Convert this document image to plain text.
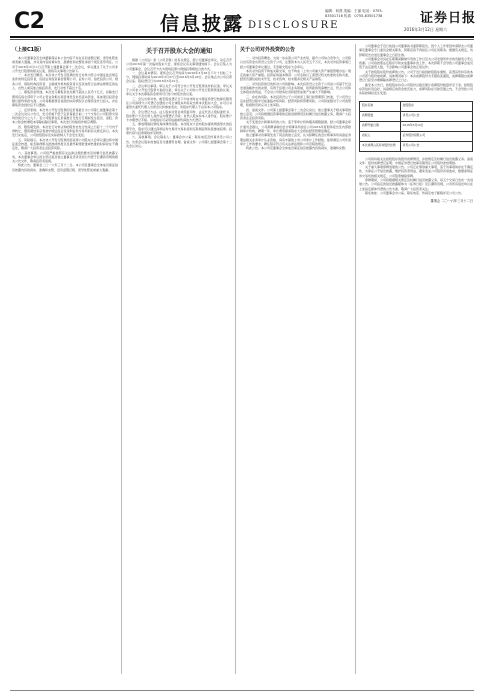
C2	信息披露 DISCLOSURE
编辑：何燕 美编：王丽 电话：0755-83501716 传真：0755-83501738	证券日报
2016年3月12日 星期六

（上接C1版）

本公司董事会及全体董事保证本公告内容不存在任何虚假记载、误导性陈述或者重大遗漏，并对其内容的真实性、准确性和完整性承担个别及连带责任。公司于2016年3月11日召开第七届董事会第十二次会议，审议通过了关于公司非公开发行股票的相关议案，现将有关事项公告如下。

一、本次发行概况。本次非公开发行股票的发行对象为符合中国证监会规定条件的特定投资者，包括证券投资基金管理公司、证券公司、信托投资公司、财务公司、保险机构投资者、合格境外机构投资者以及其他符合法律法规规定的法人、自然人或其他合格投资者，发行对象不超过十名。

二、募集资金用途。本次发行募集资金总额不超过人民币十亿元，扣除发行费用后将全部用于公司主营业务相关项目建设及补充流动资金，具体项目投资金额以最终审批为准。公司将根据项目进度的实际情况以自筹资金先行投入，并在募集资金到位后予以置换。

三、定价原则。本次非公开发行股票的定价基准日为公司第七届董事会第十二次会议决议公告日，发行价格不低于定价基准日前二十个交易日公司股票交易均价的百分之九十。若公司股票在定价基准日至发行日期间发生派息、送股、资本公积金转增股本等除权除息事项，本次发行价格将作相应调整。

四、限售期安排。本次发行对象认购的股份自发行结束之日起十二个月内不得转让，限售期结束后将按中国证监会及深圳证券交易所的有关规定执行。本次发行完成后，公司控股股东及实际控制人不会发生变化。

五、风险提示。本次非公开发行股票尚需获得公司股东大会审议通过和中国证监会核准，能否取得相关批准或核准以及最终取得批准或核准的时间存在不确定性，敬请广大投资者注意投资风险。

六、其他事项。公司将严格按照有关法律法规的要求及时履行信息披露义务，本次董事会审议的全部议案及独立董事意见详见同日刊登于巨潮资讯网的相关公告文件，敬请投资者查阅。

特此公告。董事会二〇一六年三月十二日。本公司及董事会全体成员保证信息披露内容的真实、准确和完整，没有虚假记载、误导性陈述或重大遗漏。

关于召开股东大会的通知

根据《公司法》和《公司章程》的有关规定，经公司董事会审议，决定召开公司2016年第一次临时股东大会，现将会议有关事项通知如下。会议召集人为公司董事会，会议召开方式为现场投票与网络投票相结合的方式。

一、会议基本情况。现场会议召开时间为2016年3月28日下午十四时三十分，网络投票时间为2016年3月27日至2016年3月28日。会议地点为公司总部会议室。股权登记日为2016年3月22日。

二、会议审议事项。审议关于公司符合非公开发行股票条件的议案；审议关于公司非公开发行股票方案的议案；审议关于公司非公开发行股票预案的议案；审议关于本次募集资金使用可行性分析报告的议案。

三、会议出席对象。截至股权登记日下午收市时在中国证券登记结算有限责任公司深圳分公司登记在册的公司全体股东均有权出席本次股东大会，并可以书面形式委托代理人出席会议和参加表决，该股东代理人不必是本公司股东。

四、会议登记方法。法人股东持营业执照复印件、法定代表人授权委托书、股东账户卡及出席人身份证办理登记手续；自然人股东持本人身份证、股东账户卡办理登记手续。异地股东可采用信函或传真的方式登记。

五、参加网络投票的具体操作流程。本次股东大会向股东提供网络形式的投票平台，股东可以通过深圳证券交易所交易系统和互联网投票系统参加投票。投票代码与投票简称详见附件。

六、其他事项。会议联系人：董事会办公室；联系电话及传真详见公司公告。出席会议股东的食宿及交通费用自理。备查文件：公司第七届董事会第十二次会议决议。

关于公司对外投资的公告

一、对外投资概述。为进一步完善公司产业布局，提升公司综合竞争力，公司拟以自有资金出资设立全资子公司，注册资本为人民币五千万元，本次对外投资事项已经公司董事会审议通过，无需提交股东大会审议。

本次对外投资不构成关联交易，也不构成《上市公司重大资产重组管理办法》规定的重大资产重组。投资标的基本情况：公司名称以工商登记机关核准的名称为准，经营范围包括技术开发、技术咨询、技术服务及相关产品销售。

二、对外投资的目的和对公司的影响。本次投资设立全资子公司是公司基于长远发展战略作出的决策，有利于拓展公司业务领域，培育新的利润增长点，符合公司和全体股东的利益，不会对公司财务状况和经营成果产生重大不利影响。

三、存在的风险。本次投资设立子公司尚需工商行政管理部门核准，子公司设立后在经营过程中可能面临市场风险、经营风险和管理风险。公司将加强对子公司的管理，积极防范和应对上述风险。

四、备查文件。公司第七届董事会第十二次会议决议；独立董事关于相关事项的独立意见。公司将根据投资事项的后续进展情况及时履行信息披露义务，敬请广大投资者注意投资风险。

关于变更会计师事务所的公告。鉴于原审计机构服务期限届满，经公司董事会审计委员会提议，公司拟聘请新的会计师事务所担任公司2016年度财务报告及内部控制审计机构，聘期一年，审计费用提请股东大会授权经营管理层确定。

独立董事对该事项发表了同意的独立意见，认为拟聘任的会计师事务所具备证券期货相关业务审计从业资格，具有丰富的上市公司审计工作经验，能够满足公司年度审计工作的要求，聘任程序符合有关法律法规和公司章程的规定。

特此公告。本公司及董事会全体成员保证信息披露内容的真实、准确和完整。

公司董事会于近日收到公司董事的书面辞职报告，因个人工作原因申请辞去公司董事及董事会专门委员会相关职务，辞职后将不再担任公司任何职务。根据有关规定，该辞职报告自送达董事会之日起生效。

公司董事会对其在任职期间勤勉尽责的工作以及为公司发展所作出的贡献表示衷心感谢。公司将按照法定程序尽快完成董事补选工作，本次辞职不会导致公司董事会成员低于法定最低人数，不会影响公司董事会的正常运作。

关于控股股东股份质押的公告。公司于近日接到控股股东通知，获悉其所持有的本公司部分股份被质押，具体情况如下：本次质押股份为无限售流通股，质押期限自质押登记日起至办理解除质押登记之日止。

截至本公告日，控股股东持有公司股份总数及累计质押股份数量详见下表。控股股东资信状况良好，具备相应的资金偿还能力，质押风险在可控范围之内，不会导致公司实际控制权发生变更。

股东名称	控股股东
质押股数	详见公司公告
质押开始日期	2016年3月10日
质权人	证券股份有限公司
本次质押占其所持股份比例	详见公司公告

公司将持续关注控股股东的股份质押情况，并按规定及时履行信息披露义务。备查文件：股份质押登记证明；中国证券登记结算有限责任公司股份冻结明细。

关于重大事项停牌进展的公告。公司正在筹划重大事项，鉴于该事项尚存在不确定性，为保证公平信息披露，维护投资者利益，避免造成公司股价异常波动，根据深圳证券交易所的相关规定，公司股票继续停牌。

停牌期间，公司将根据相关规定及时履行信息披露义务，每五个交易日发布一次进展公告。公司指定的信息披露媒体为《证券日报》及巨潮资讯网，公司所有信息均以在上述指定媒体刊登的公告为准，敬请广大投资者关注。

联系地址：公司董事会办公室。联系电话、传真及电子邮箱详见公司公告。

董事会 二〇一六年三月十二日
